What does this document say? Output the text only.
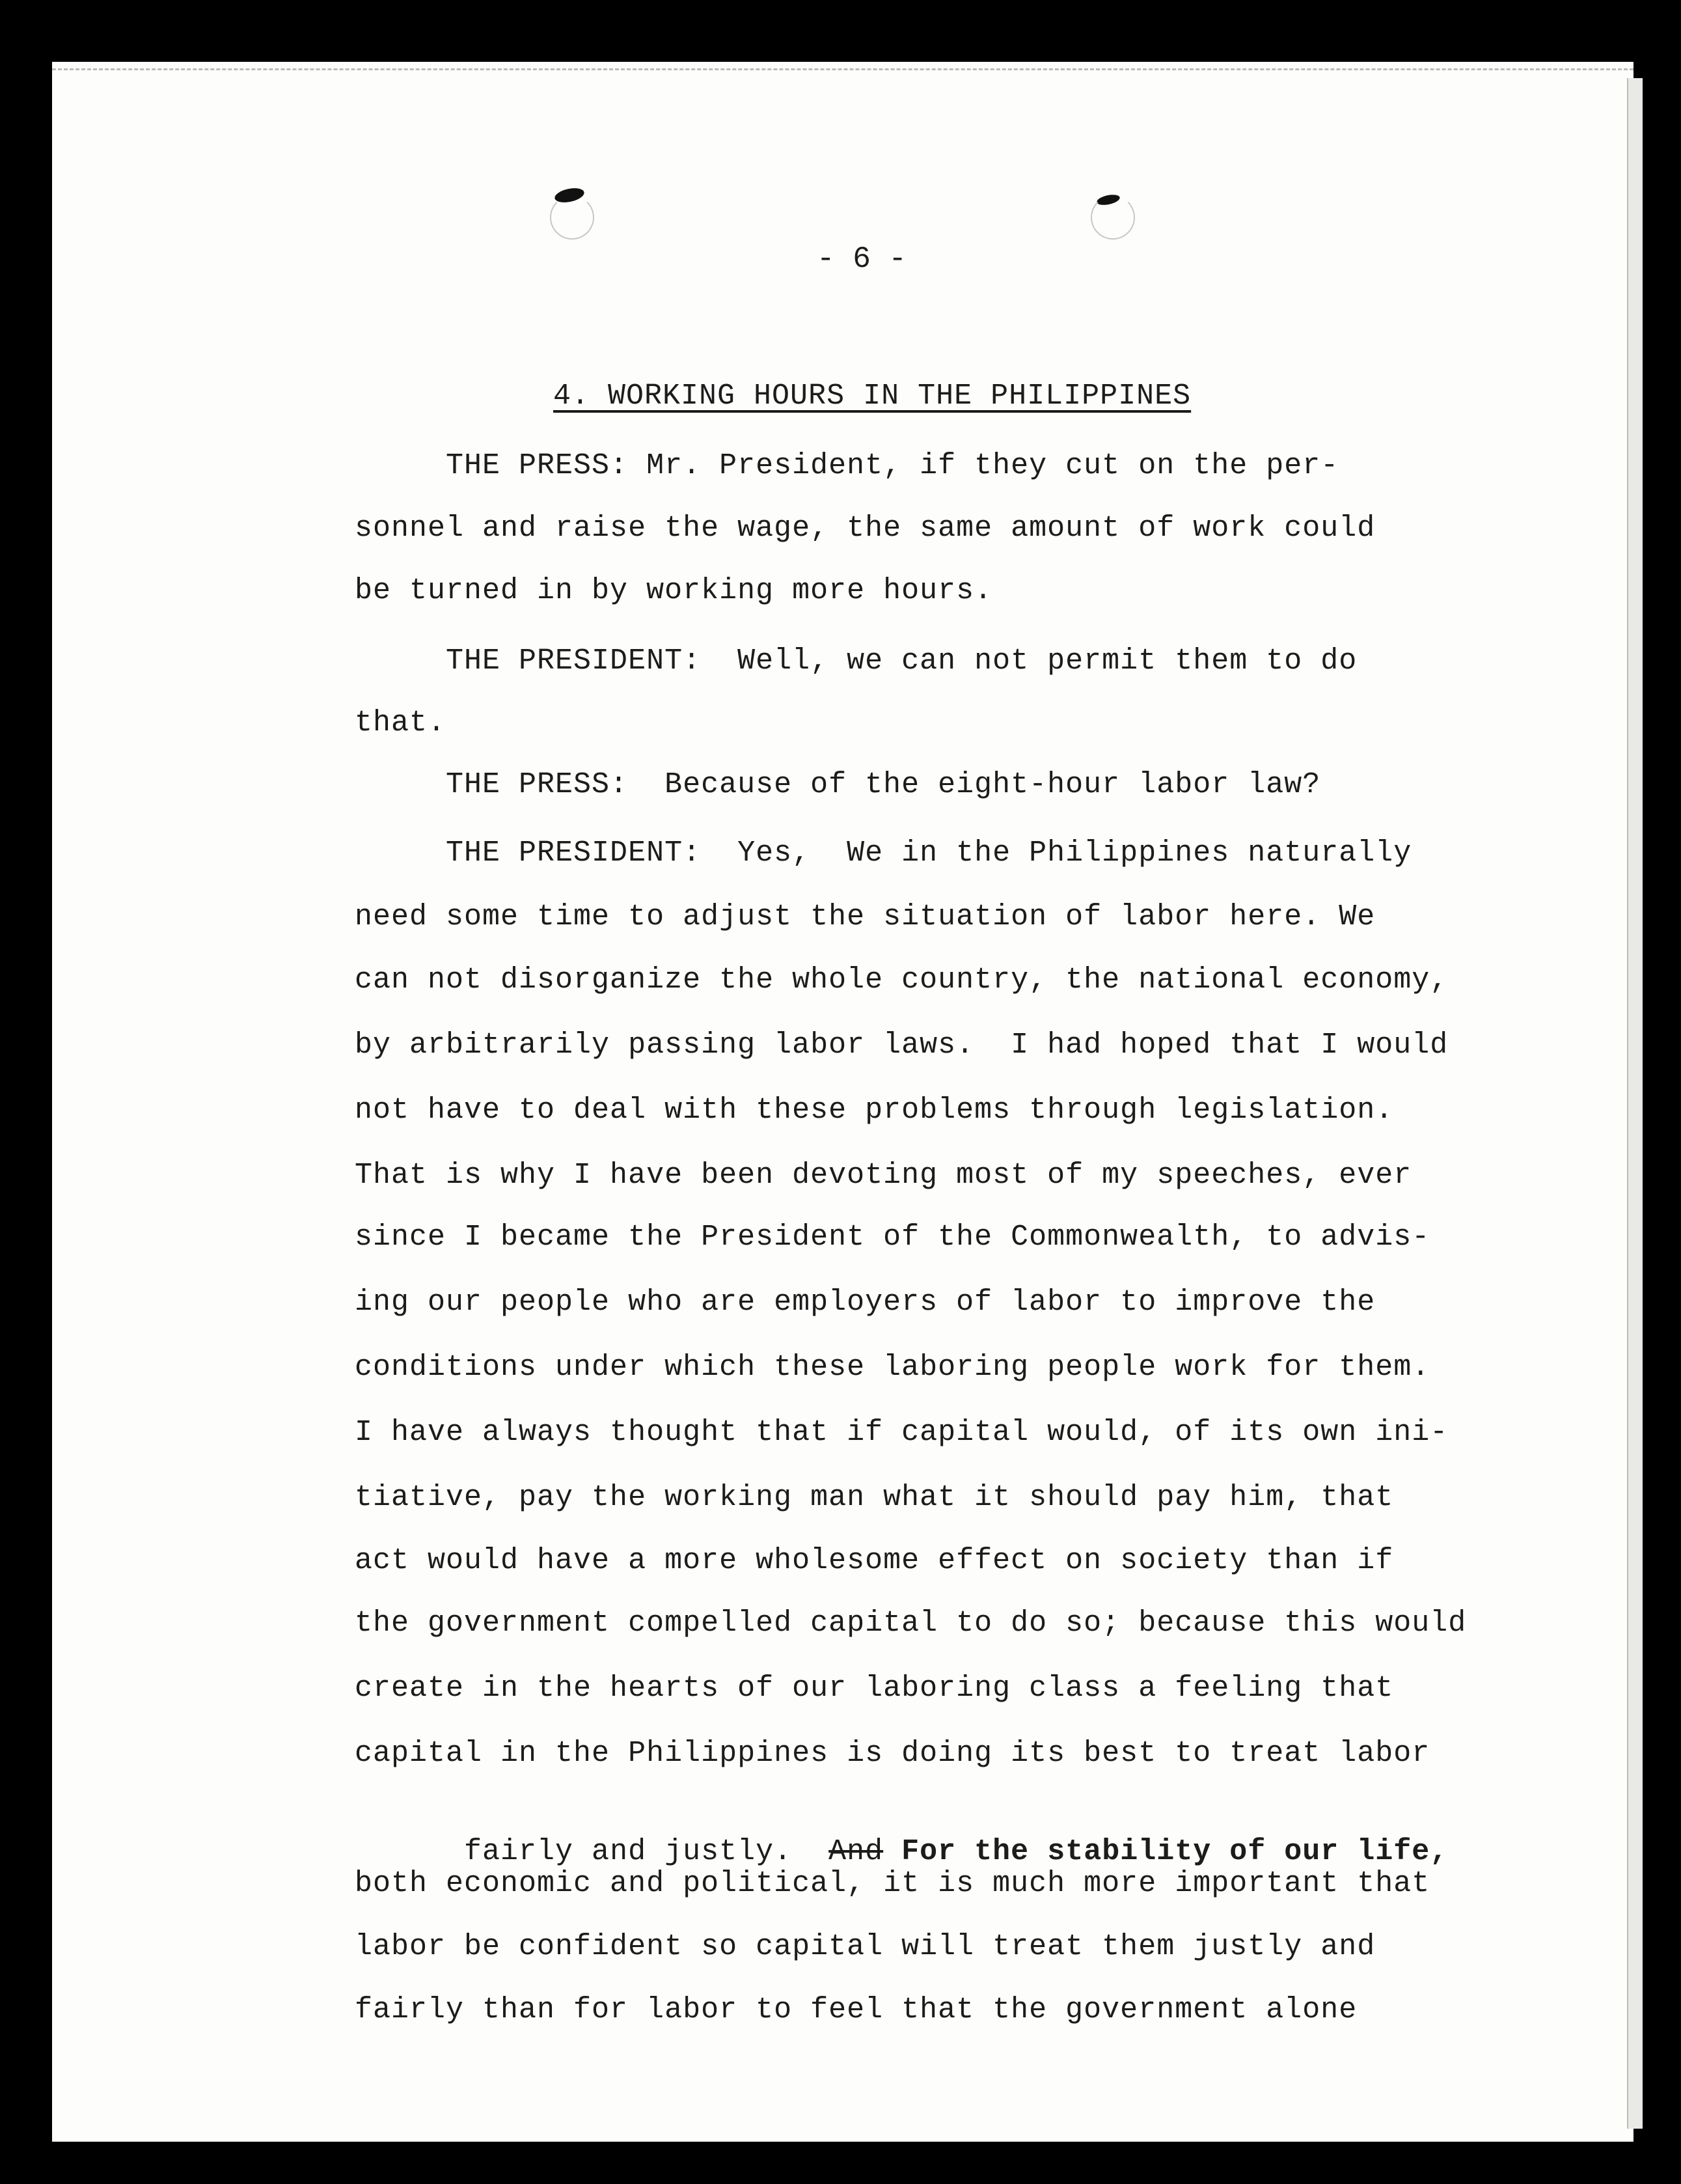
- 6 -
4. WORKING HOURS IN THE PHILIPPINES

THE PRESS: Mr. President, if they cut on the per-

sonnel and raise the wage, the same amount of work could

be turned in by working more hours.

THE PRESIDENT:  Well, we can not permit them to do

that.

THE PRESS:  Because of the eight-hour labor law?

THE PRESIDENT:  Yes,  We in the Philippines naturally

need some time to adjust the situation of labor here. We

can not disorganize the whole country, the national economy,

by arbitrarily passing labor laws.  I had hoped that I would

not have to deal with these problems through legislation.

That is why I have been devoting most of my speeches, ever

since I became the President of the Commonwealth, to advis-

ing our people who are employers of labor to improve the

conditions under which these laboring people work for them.

I have always thought that if capital would, of its own ini-

tiative, pay the working man what it should pay him, that

act would have a more wholesome effect on society than if

the government compelled capital to do so; because this would

create in the hearts of our laboring class a feeling that

capital in the Philippines is doing its best to treat labor

fairly and justly. And For the stability of our life,

both economic and political, it is much more important that

labor be confident so capital will treat them justly and

fairly than for labor to feel that the government alone
